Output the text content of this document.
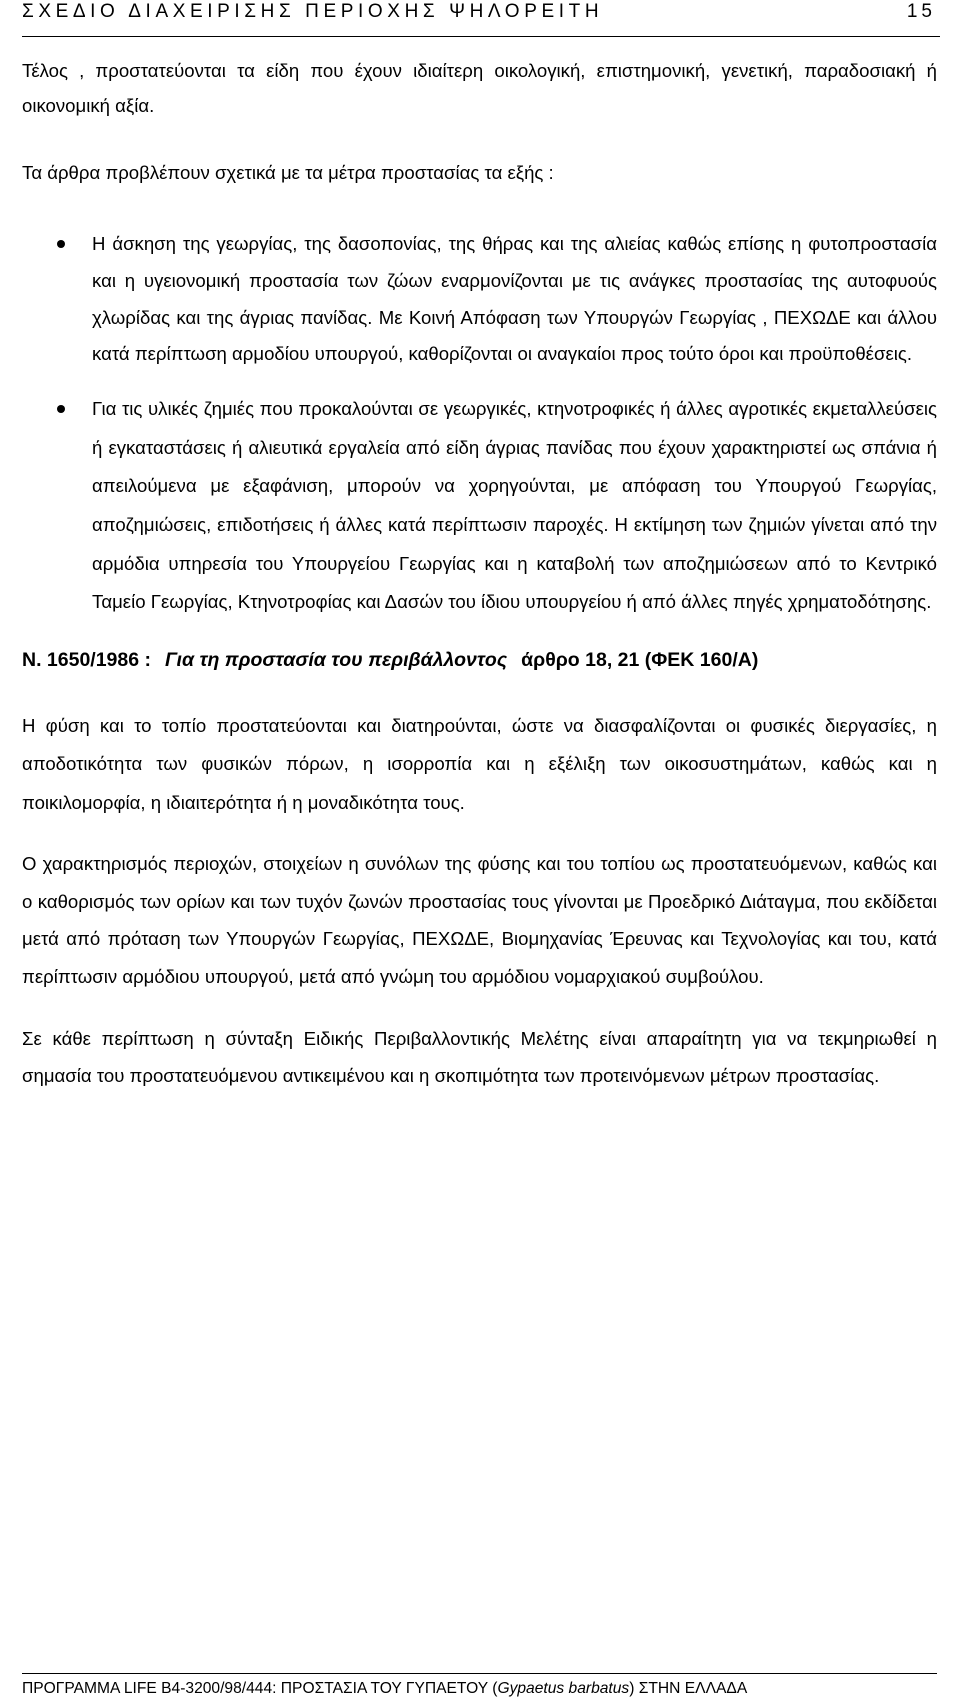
ΣΧΕΔΙΟ ΔΙΑΧΕΙΡΙΣΗΣ ΠΕΡΙΟΧΗΣ ΨΗΛΟΡΕΙΤΗ	15

Τέλος , προστατεύονται τα είδη που έχουν ιδιαίτερη οικολογική, επιστημονική, γενετική, παραδοσιακή ή οικονομική αξία.

Τα άρθρα προβλέπουν σχετικά με τα μέτρα προστασίας τα εξής :

Η άσκηση της γεωργίας, της δασοπονίας, της θήρας και της αλιείας καθώς επίσης η φυτοπροστασία και η υγειονομική προστασία των ζώων εναρμονίζονται με τις ανάγκες προστασίας της αυτοφυούς χλωρίδας και της άγριας πανίδας. Με Κοινή Απόφαση των Υπουργών Γεωργίας , ΠΕΧΩΔΕ και άλλου κατά περίπτωση αρμοδίου υπουργού, καθορίζονται οι αναγκαίοι προς τούτο όροι και προϋποθέσεις.
Για τις υλικές ζημιές που προκαλούνται σε γεωργικές, κτηνοτροφικές ή άλλες αγροτικές εκμεταλλεύσεις ή εγκαταστάσεις ή αλιευτικά εργαλεία από είδη άγριας πανίδας που έχουν χαρακτηριστεί ως σπάνια ή απειλούμενα με εξαφάνιση, μπορούν να χορηγούνται, με απόφαση του Υπουργού Γεωργίας, αποζημιώσεις, επιδοτήσεις ή άλλες κατά περίπτωσιν παροχές. Η εκτίμηση των ζημιών γίνεται από την αρμόδια υπηρεσία του Υπουργείου Γεωργίας και η καταβολή των αποζημιώσεων από το Κεντρικό Ταμείο Γεωργίας, Κτηνοτροφίας και Δασών του ίδιου υπουργείου ή από άλλες πηγές χρηματοδότησης.

Ν. 1650/1986 : Για τη προστασία του περιβάλλοντος άρθρο 18, 21 (ΦΕΚ 160/Α)

Η φύση και το τοπίο προστατεύονται και διατηρούνται, ώστε να διασφαλίζονται οι φυσικές διεργασίες, η αποδοτικότητα των φυσικών πόρων, η ισορροπία και η εξέλιξη των οικοσυστημάτων, καθώς και η ποικιλομορφία, η ιδιαιτερότητα ή η μοναδικότητα τους.

Ο χαρακτηρισμός περιοχών, στοιχείων η συνόλων της φύσης και του τοπίου ως προστατευόμενων, καθώς και ο καθορισμός των ορίων και των τυχόν ζωνών προστασίας τους γίνονται με Προεδρικό Διάταγμα, που εκδίδεται μετά από πρόταση των Υπουργών Γεωργίας, ΠΕΧΩΔΕ, Βιομηχανίας Έρευνας και Τεχνολογίας και του, κατά περίπτωσιν αρμόδιου υπουργού, μετά από γνώμη του αρμόδιου νομαρχιακού συμβούλου.

Σε κάθε περίπτωση η σύνταξη Ειδικής Περιβαλλοντικής Μελέτης είναι απαραίτητη για να τεκμηριωθεί η σημασία του προστατευόμενου αντικειμένου και η σκοπιμότητα των προτεινόμενων μέτρων προστασίας.

ΠΡΟΓΡΑΜΜΑ LIFE B4-3200/98/444: ΠΡΟΣΤΑΣΙΑ ΤΟΥ ΓΥΠΑΕΤΟΥ (Gypaetus barbatus) ΣΤΗΝ ΕΛΛΑΔΑ
